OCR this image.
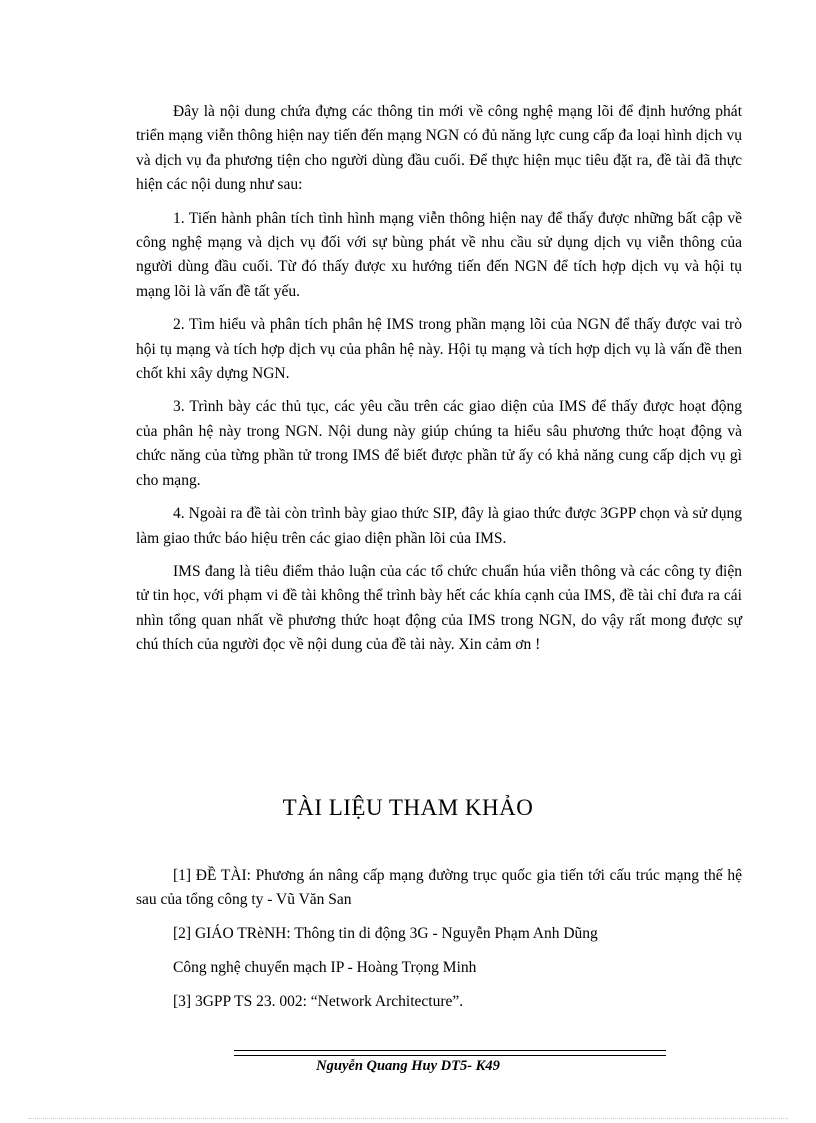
Đây là nội dung chứa đựng các thông tin mới về công nghệ mạng lõi để định hướng phát triển mạng viễn thông hiện nay tiến đến mạng NGN có đủ năng lực cung cấp đa loại hình dịch vụ và dịch vụ đa phương tiện cho người dùng đầu cuối. Để thực hiện mục tiêu đặt ra, đề tài đã thực hiện các nội dung như sau:

1. Tiến hành phân tích tình hình mạng viễn thông hiện nay để thấy được những bất cập về công nghệ mạng và dịch vụ đối với sự bùng phát về nhu cầu sử dụng dịch vụ viễn thông của người dùng đầu cuối. Từ đó thấy được xu hướng tiến đến NGN để tích hợp dịch vụ và hội tụ mạng lõi là vấn đề tất yếu.

2. Tìm hiểu và phân tích phân hệ IMS trong phần mạng lõi của NGN để thấy được vai trò hội tụ mạng và tích hợp dịch vụ của phân hệ này. Hội tụ mạng và tích hợp dịch vụ là vấn đề then chốt khi xây dựng NGN.

3. Trình bày các thủ tục, các yêu cầu trên các giao diện của IMS để thấy được hoạt động của phân hệ này trong NGN. Nội dung này giúp chúng ta hiểu sâu phương thức hoạt động và chức năng của từng phần tử trong IMS để biết được phần tử ấy có khả năng cung cấp dịch vụ gì cho mạng.

4. Ngoài ra đề tài còn trình bày giao thức SIP, đây là giao thức được 3GPP chọn và sử dụng làm giao thức báo hiệu trên các giao diện phần lõi của IMS.

IMS đang là tiêu điểm thảo luận của các tổ chức chuẩn húa viễn thông và các công ty điện tử tin học, với phạm vi đề tài không thể trình bày hết các khía cạnh của IMS, đề tài chỉ đưa ra cái nhìn tổng quan nhất về phương thức hoạt động của IMS trong NGN, do vậy rất mong được sự chú thích của người đọc về nội dung của đề tài này. Xin cảm ơn !

TÀI LIỆU THAM KHẢO

[1] ĐỀ TÀI: Phương án nâng cấp mạng đường trục quốc gia tiến tới cấu trúc mạng thế hệ sau của tổng công ty - Vũ Văn San

[2] GIÁO TRèNH: Thông tin di động 3G - Nguyễn Phạm Anh Dũng

Công nghệ chuyển mạch IP - Hoàng Trọng Minh

[3] 3GPP TS 23. 002: “Network Architecture”.

Nguyễn Quang Huy DT5- K49
